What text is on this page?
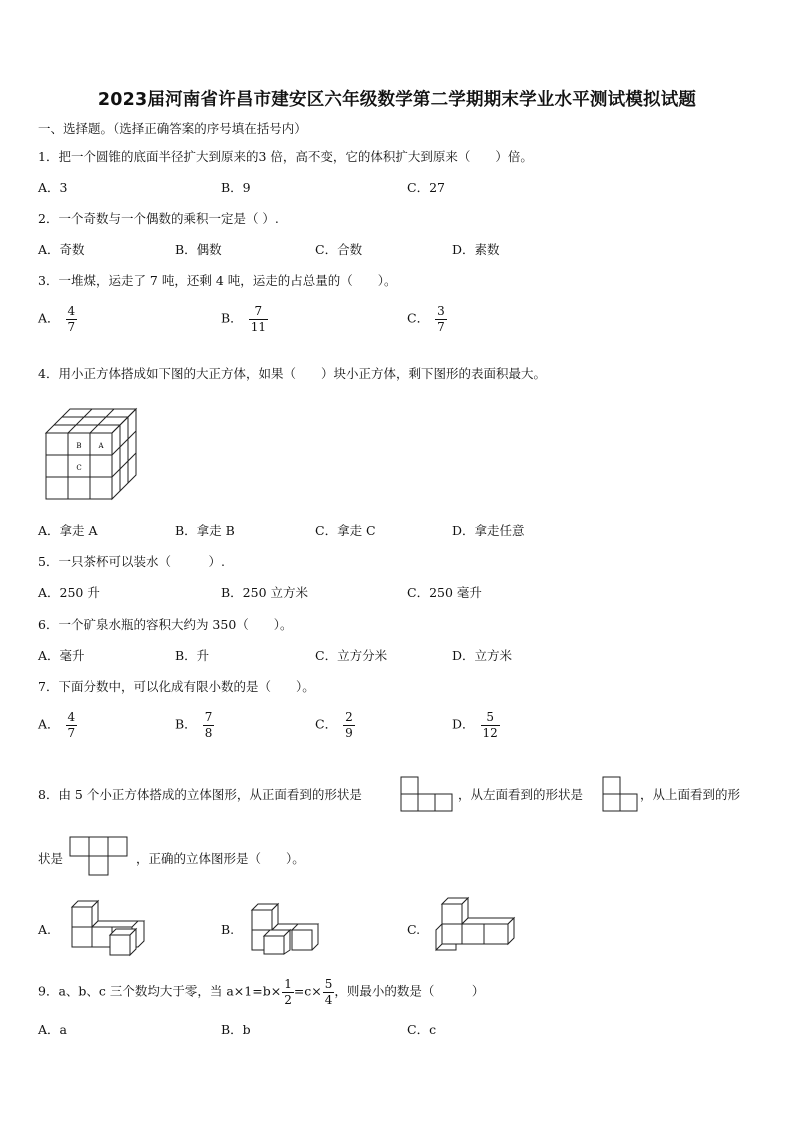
2023届河南省许昌市建安区六年级数学第二学期期末学业水平测试模拟试题
一、选择题。（选择正确答案的序号填在括号内）
1．把一个圆锥的底面半径扩大到原来的3 倍，高不变，它的体积扩大到原来（　　）倍。
A．3	B．9	C．27
2．一个奇数与一个偶数的乘积一定是（ ）.
A．奇数	B．偶数	C．合数	D．素数
3．一堆煤，运走了 7 吨，还剩 4 吨，运走的占总量的（　　）。
A． $\frac{4}{7}$	B． $\frac{7}{11}$	C． $\frac{3}{7}$
4．用小正方体搭成如下图的大正方体，如果（　　）块小正方体，剩下图形的表面积最大。
B A
C
A．拿走 A	B．拿走 B	C．拿走 C	D．拿走任意
5．一只茶杯可以装水（　　　）.
A．250 升	B．250 立方米	C．250 毫升
6．一个矿泉水瓶的容积大约为 350（　　）。
A．毫升	B．升	C．立方分米	D．立方米
7．下面分数中，可以化成有限小数的是（　　）。
A． $\frac{4}{7}$	B． $\frac{7}{8}$	C． $\frac{2}{9}$	D． $\frac{5}{12}$
8．由 5 个小正方体搭成的立体图形，从正面看到的形状是	，从左面看到的形状是	，从上面看到的形
状是	，正确的立体图形是（　　）。
A.	B.	C.
9．a、b、c 三个数均大于零，当 $a\times 1=b\times \frac{1}{2} =c\times \frac{5}{4}$ ，则最小的数是（　　　）
A．a	B．b	C．c
